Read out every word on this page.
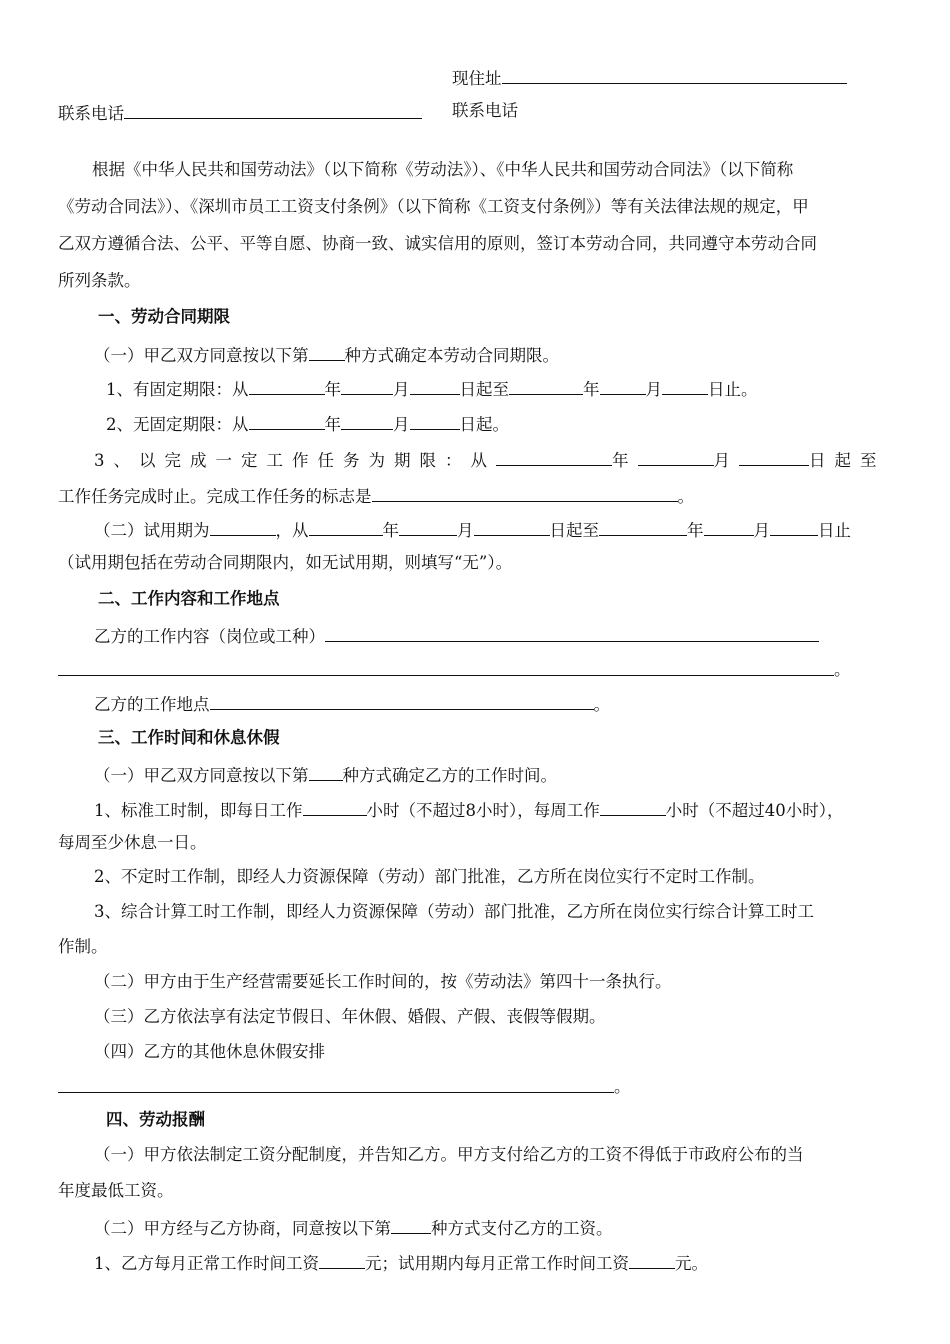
现住址
联系电话	联系电话
根据《中华人民共和国劳动法》（以下简称《劳动法》）、《中华人民共和国劳动合同法》（以下简称
《劳动合同法》）、《深圳市员工工资支付条例》（以下简称《工资支付条例》）等有关法律法规的规定，甲
乙双方遵循合法、公平、平等自愿、协商一致、诚实信用的原则，签订本劳动合同，共同遵守本劳动合同
所列条款。
一、劳动合同期限
（一）甲乙双方同意按以下第 种方式确定本劳动合同期限。
1、有固定期限：从	年	月	日起至	年	月	日止。
2、无固定期限：从	年	月	日起。
3、以完成一定工作任务为期限：从	年	月	日起至
工作任务完成时止。完成工作任务的标志是	。
（二）试用期为	，从	年	月	日起至	年	月	日止
（试用期包括在劳动合同期限内，如无试用期，则填写“无”）。
二、工作内容和工作地点
乙方的工作内容（岗位或工种）
。
乙方的工作地点	。
三、工作时间和休息休假
（一）甲乙双方同意按以下第 种方式确定乙方的工作时间。
1、标准工时制，即每日工作	小时（不超过8小时），每周工作	小时（不超过40小时），
每周至少休息一日。
2、不定时工作制，即经人力资源保障（劳动）部门批准，乙方所在岗位实行不定时工作制。
3、综合计算工时工作制，即经人力资源保障（劳动）部门批准，乙方所在岗位实行综合计算工时工
作制。
（二）甲方由于生产经营需要延长工作时间的，按《劳动法》第四十一条执行。
（三）乙方依法享有法定节假日、年休假、婚假、产假、丧假等假期。
（四）乙方的其他休息休假安排
。
四、劳动报酬
（一）甲方依法制定工资分配制度，并告知乙方。甲方支付给乙方的工资不得低于市政府公布的当
年度最低工资。
（二）甲方经与乙方协商，同意按以下第 种方式支付乙方的工资。
1、乙方每月正常工作时间工资	元；试用期内每月正常工作时间工资	元。
